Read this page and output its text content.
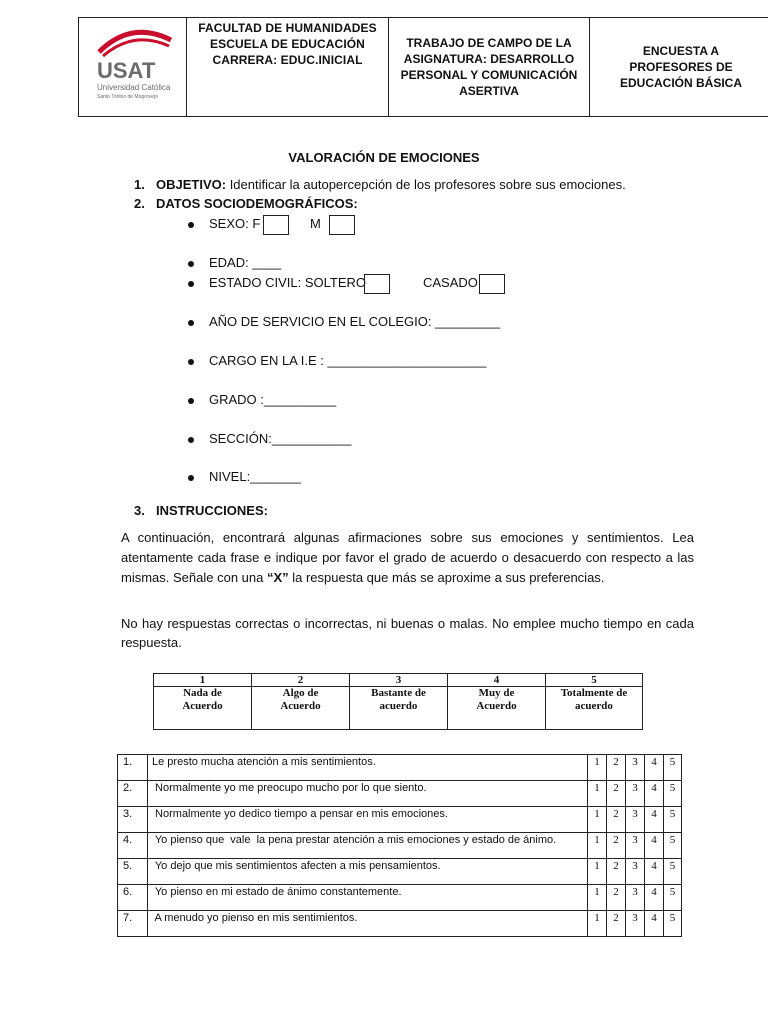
USAT
Universidad Católica
Santo Toribio de Mogrovejo
FACULTAD DE HUMANIDADES
ESCUELA DE EDUCACIÓN
CARRERA: EDUC.INICIAL
TRABAJO DE CAMPO DE LA ASIGNATURA: DESARROLLO PERSONAL Y COMUNICACIÓN ASERTIVA
ENCUESTA A PROFESORES DE EDUCACIÓN BÁSICA
VALORACIÓN DE EMOCIONES
1. OBJETIVO: Identificar la autopercepción de los profesores sobre sus emociones.
2. DATOS SOCIODEMOGRÁFICOS:
SEXO: F	M
EDAD: ____
ESTADO CIVIL: SOLTERO	CASADO
AÑO DE SERVICIO EN EL COLEGIO: _________
CARGO EN LA I.E : ______________________
GRADO :__________
SECCIÓN:___________
NIVEL:_______
3. INSTRUCCIONES:
A continuación, encontrará algunas afirmaciones sobre sus emociones y sentimientos. Lea atentamente cada frase e indique por favor el grado de acuerdo o desacuerdo con respecto a las mismas. Señale con una “X” la respuesta que más se aproxime a sus preferencias.
No hay respuestas correctas o incorrectas, ni buenas o malas. No emplee mucho tiempo en cada respuesta.
1	2	3	4	5

Nada de Acuerdo	Algo de Acuerdo	Bastante de acuerdo	Muy de Acuerdo	Totalmente de acuerdo
1.	Le presto mucha atención a mis sentimientos.	1	2	3	4	5
2.	Normalmente yo me preocupo mucho por lo que siento.	1	2	3	4	5
3.	Normalmente yo dedico tiempo a pensar en mis emociones.	1	2	3	4	5
4.	Yo pienso que  vale  la pena prestar atención a mis emociones y estado de ánimo.	1	2	3	4	5
5.	Yo dejo que mis sentimientos afecten a mis pensamientos.	1	2	3	4	5
6.	Yo pienso en mi estado de ánimo constantemente.	1	2	3	4	5
7.	A menudo yo pienso en mis sentimientos.	1	2	3	4	5
